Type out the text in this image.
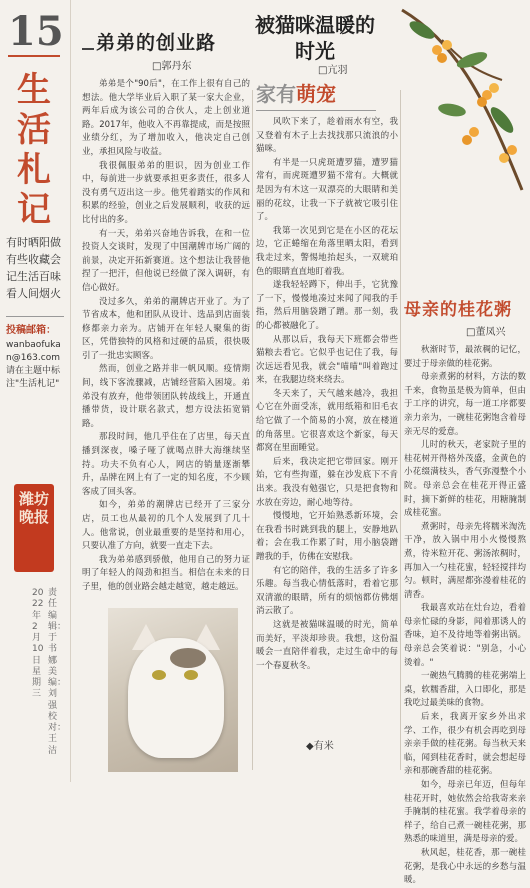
15
生活札记
有时晒阳做有些收藏会记生活百味看人间烟火
投稿邮箱：
wanbaofukan@163.com
请在主题中标注"生活札记"
潍坊晚报
2022年2月10日星期三
责任编辑：于书娜 美编：刘强 校对：王洁
弟弟的创业路
□郭丹东

弟弟是个"90后"，在工作上很有自己的想法。他大学毕业后入职了某一家大企业，两年后成为该公司的合伙人，走上创业道路。2017年，他收入不再靠提成，而是按照业绩分红，为了增加收入，他决定自己创业，承担风险与收益。

我很佩服弟弟的胆识，因为创业工作中，每前进一步就要承担更多责任，很多人没有勇气迈出这一步。他凭着踏实的作风和积累的经验，创业之后发展顺利，收获的远比付出的多。

有一天，弟弟兴奋地告诉我，在和一位投资人交谈时，发现了中国潮牌市场广阔的前景，决定开拓新赛道。这个想法让我替他捏了一把汗，但他说已经做了深入调研，有信心做好。

没过多久，弟弟的潮牌店开业了。为了节省成本，他和团队从设计、选品到店面装修都亲力亲为。店铺开在年轻人聚集的街区，凭借独特的风格和过硬的品质，很快吸引了一批忠实顾客。

然而，创业之路并非一帆风顺。疫情期间，线下客流骤减，店铺经营陷入困境。弟弟没有放弃，他带领团队转战线上，开通直播带货，设计联名款式，想方设法拓宽销路。

那段时间，他几乎住在了店里，每天直播到深夜，嗓子哑了就喝点胖大海继续坚持。功夫不负有心人，网店的销量逐渐攀升，品牌在网上有了一定的知名度，不少顾客成了回头客。

如今，弟弟的潮牌店已经开了三家分店，员工也从最初的几个人发展到了几十人。他常说，创业最重要的是坚持和用心，只要认准了方向，就要一直走下去。

我为弟弟感到骄傲，他用自己的努力证明了年轻人的闯劲和担当。相信在未来的日子里，他的创业路会越走越宽，越走越远。

被猫咪温暖的时光
□亢羽
家有萌宠

风吹下来了，趁着雨水有空，我又登着有木子上去找找那只流浪的小猫咪。

有半是一只虎斑遭罗猫，遭罗猫常有，而虎斑遭罗猫不常有。大概就是因为有木这一双漂亮的大眼睛和美丽的花纹，让我一下子就被它吸引住了。

我第一次见到它是在小区的花坛边，它正蜷缩在角落里晒太阳，看到我走过来，警惕地抬起头，一双琥珀色的眼睛直直地盯着我。

遂我轻轻蹲下，伸出手，它犹豫了一下，慢慢地凑过来闻了闻我的手指，然后用脑袋蹭了蹭。那一刻，我的心都被融化了。

从那以后，我每天下班都会带些猫粮去看它。它似乎也记住了我，每次远远看见我，就会"喵喵"叫着跑过来，在我腿边绕来绕去。

冬天来了，天气越来越冷，我担心它在外面受冻，就用纸箱和旧毛衣给它做了一个简易的小窝，放在楼道的角落里。它很喜欢这个新家，每天都窝在里面睡觉。

后来，我决定把它带回家。刚开始，它有些拘谨，躲在沙发底下不肯出来。我没有勉强它，只是把食物和水放在旁边，耐心地等待。

慢慢地，它开始熟悉新环境，会在我看书时跳到我的腿上，安静地趴着；会在我工作累了时，用小脑袋蹭蹭我的手，仿佛在安慰我。

有它的陪伴，我的生活多了许多乐趣。每当我心情低落时，看着它那双清澈的眼睛，所有的烦恼都仿佛烟消云散了。

这就是被猫咪温暖的时光，简单而美好，平淡却珍贵。我想，这份温暖会一直陪伴着我，走过生命中的每一个春夏秋冬。

◆有米
母亲的桂花粥
□董凤兴

秋渐时节，最浓稠的记忆，要过于母亲做的桂花粥。

母亲煮粥的材料，方法的数千来，食物虽是极为简单，但由于工序的讲究，每一道工序都要亲力亲为，一碗桂花粥饱含着母亲无尽的爱意。

儿时的秋天，老家院子里的桂花树开得格外茂盛，金黄色的小花缀满枝头，香气弥漫整个小院。母亲总会在桂花开得正盛时，摘下新鲜的桂花，用糖腌制成桂花蜜。

煮粥时，母亲先将糯米淘洗干净，放入锅中用小火慢慢熬煮，待米粒开花、粥汤浓稠时，再加入一勺桂花蜜，轻轻搅拌均匀。顿时，满屋都弥漫着桂花的清香。

我最喜欢站在灶台边，看着母亲忙碌的身影，闻着那诱人的香味，迫不及待地等着粥出锅。母亲总会笑着说："别急，小心烫着。"

一碗热气腾腾的桂花粥端上桌，软糯香甜，入口即化，那是我吃过最美味的食物。

后来，我离开家乡外出求学、工作，很少有机会再吃到母亲亲手做的桂花粥。每当秋天来临，闻到桂花香时，就会想起母亲和那碗香甜的桂花粥。

如今，母亲已年迈，但每年桂花开时，她依然会给我寄来亲手腌制的桂花蜜。我学着母亲的样子，给自己煮一碗桂花粥，那熟悉的味道里，满是母亲的爱。

秋风起，桂花香，那一碗桂花粥，是我心中永远的乡愁与温暖。
